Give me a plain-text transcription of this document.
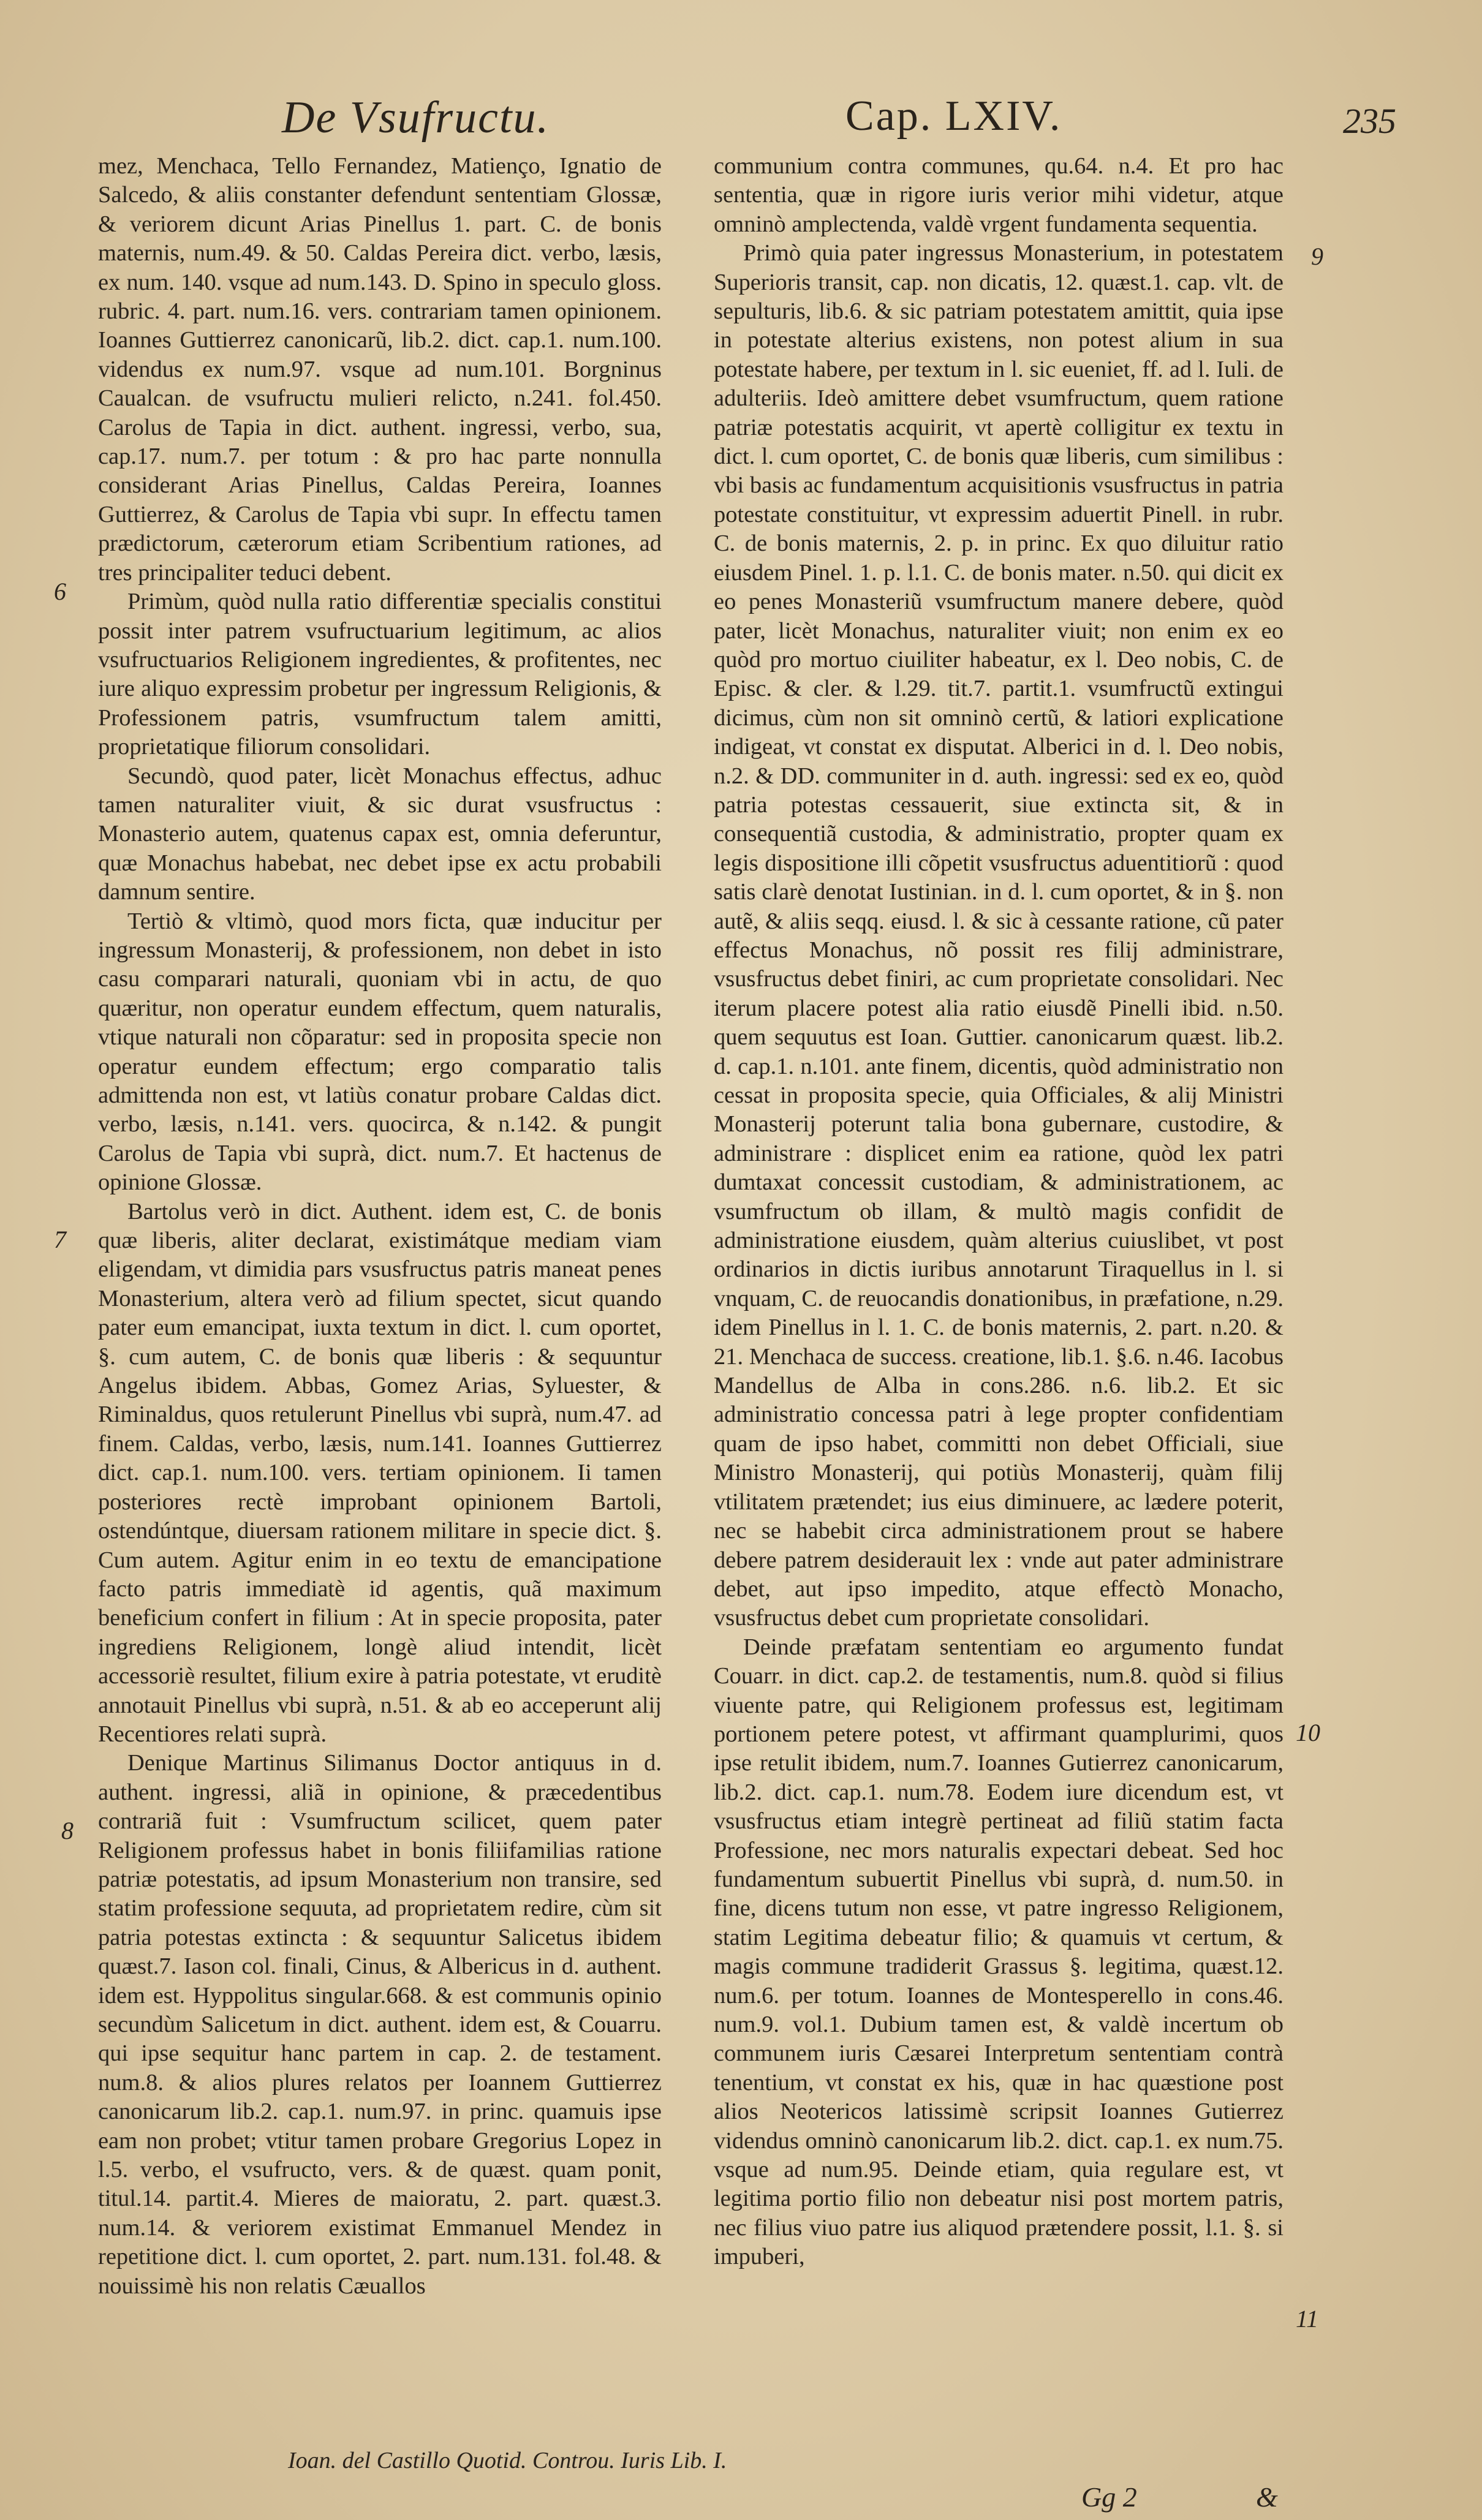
De Vsufructu.	Cap. LXIV.	235

mez, Menchaca, Tello Fernandez, Matienço, Ignatio de Salcedo, & aliis constanter defendunt sententiam Glossæ, & veriorem dicunt Arias Pinellus 1. part. C. de bonis maternis, num.49. & 50. Caldas Pereira dict. verbo, læsis, ex num. 140. vsque ad num.143. D. Spino in speculo gloss. rubric. 4. part. num.16. vers. contrariam tamen opinionem. Ioannes Guttierrez canonicarũ, lib.2. dict. cap.1. num.100. videndus ex num.97. vsque ad num.101. Borgninus Caualcan. de vsufructu mulieri relicto, n.241. fol.450. Carolus de Tapia in dict. authent. ingressi, verbo, sua, cap.17. num.7. per totum : & pro hac parte nonnulla considerant Arias Pinellus, Caldas Pereira, Ioannes Guttierrez, & Carolus de Tapia vbi supr. In effectu tamen prædictorum, cæterorum etiam Scribentium rationes, ad tres principaliter teduci debent.

Primùm, quòd nulla ratio differentiæ specialis constitui possit inter patrem vsufructuarium legitimum, ac alios vsufructuarios Religionem ingredientes, & profitentes, nec iure aliquo expressim probetur per ingressum Religionis, & Professionem patris, vsumfructum talem amitti, proprietatique filiorum consolidari.

Secundò, quod pater, licèt Monachus effectus, adhuc tamen naturaliter viuit, & sic durat vsusfructus : Monasterio autem, quatenus capax est, omnia deferuntur, quæ Monachus habebat, nec debet ipse ex actu probabili damnum sentire.

Tertiò & vltimò, quod mors ficta, quæ inducitur per ingressum Monasterij, & professionem, non debet in isto casu comparari naturali, quoniam vbi in actu, de quo quæritur, non operatur eundem effectum, quem naturalis, vtique naturali non cõparatur: sed in proposita specie non operatur eundem effectum; ergo comparatio talis admittenda non est, vt latiùs conatur probare Caldas dict. verbo, læsis, n.141. vers. quocirca, & n.142. & pungit Carolus de Tapia vbi suprà, dict. num.7. Et hactenus de opinione Glossæ.

Bartolus verò in dict. Authent. idem est, C. de bonis quæ liberis, aliter declarat, existimátque mediam viam eligendam, vt dimidia pars vsusfructus patris maneat penes Monasterium, altera verò ad filium spectet, sicut quando pater eum emancipat, iuxta textum in dict. l. cum oportet, §. cum autem, C. de bonis quæ liberis : & sequuntur Angelus ibidem. Abbas, Gomez Arias, Syluester, & Riminaldus, quos retulerunt Pinellus vbi suprà, num.47. ad finem. Caldas, verbo, læsis, num.141. Ioannes Guttierrez dict. cap.1. num.100. vers. tertiam opinionem. Ii tamen posteriores rectè improbant opinionem Bartoli, ostendúntque, diuersam rationem militare in specie dict. §. Cum autem. Agitur enim in eo textu de emancipatione facto patris immediatè id agentis, quã maximum beneficium confert in filium : At in specie proposita, pater ingrediens Religionem, longè aliud intendit, licèt accessoriè resultet, filium exire à patria potestate, vt eruditè annotauit Pinellus vbi suprà, n.51. & ab eo acceperunt alij Recentiores relati suprà.

Denique Martinus Silimanus Doctor antiquus in d. authent. ingressi, aliã in opinione, & præcedentibus contrariã fuit : Vsumfructum scilicet, quem pater Religionem professus habet in bonis filiifamilias ratione patriæ potestatis, ad ipsum Monasterium non transire, sed statim professione sequuta, ad proprietatem redire, cùm sit patria potestas extincta : & sequuntur Salicetus ibidem quæst.7. Iason col. finali, Cinus, & Albericus in d. authent. idem est. Hyppolitus singular.668. & est communis opinio secundùm Salicetum in dict. authent. idem est, & Couarru. qui ipse sequitur hanc partem in cap. 2. de testament. num.8. & alios plures relatos per Ioannem Guttierrez canonicarum lib.2. cap.1. num.97. in princ. quamuis ipse eam non probet; vtitur tamen probare Gregorius Lopez in l.5. verbo, el vsufructo, vers. & de quæst. quam ponit, titul.14. partit.4. Mieres de maioratu, 2. part. quæst.3. num.14. & veriorem existimat Emmanuel Mendez in repetitione dict. l. cum oportet, 2. part. num.131. fol.48. & nouissimè his non relatis Cæuallos

communium contra communes, qu.64. n.4. Et pro hac sententia, quæ in rigore iuris verior mihi videtur, atque omninò amplectenda, valdè vrgent fundamenta sequentia.

Primò quia pater ingressus Monasterium, in potestatem Superioris transit, cap. non dicatis, 12. quæst.1. cap. vlt. de sepulturis, lib.6. & sic patriam potestatem amittit, quia ipse in potestate alterius existens, non potest alium in sua potestate habere, per textum in l. sic eueniet, ff. ad l. Iuli. de adulteriis. Ideò amittere debet vsumfructum, quem ratione patriæ potestatis acquirit, vt apertè colligitur ex textu in dict. l. cum oportet, C. de bonis quæ liberis, cum similibus : vbi basis ac fundamentum acquisitionis vsusfructus in patria potestate constituitur, vt expressim aduertit Pinell. in rubr. C. de bonis maternis, 2. p. in princ. Ex quo diluitur ratio eiusdem Pinel. 1. p. l.1. C. de bonis mater. n.50. qui dicit ex eo penes Monasteriũ vsumfructum manere debere, quòd pater, licèt Monachus, naturaliter viuit; non enim ex eo quòd pro mortuo ciuiliter habeatur, ex l. Deo nobis, C. de Episc. & cler. & l.29. tit.7. partit.1. vsumfructũ extingui dicimus, cùm non sit omninò certũ, & latiori explicatione indigeat, vt constat ex disputat. Alberici in d. l. Deo nobis, n.2. & DD. communiter in d. auth. ingressi: sed ex eo, quòd patria potestas cessauerit, siue extincta sit, & in consequentiã custodia, & administratio, propter quam ex legis dispositione illi cõpetit vsusfructus aduentitiorũ : quod satis clarè denotat Iustinian. in d. l. cum oportet, & in §. non autẽ, & aliis seqq. eiusd. l. & sic à cessante ratione, cũ pater effectus Monachus, nõ possit res filij administrare, vsusfructus debet finiri, ac cum proprietate consolidari. Nec iterum placere potest alia ratio eiusdẽ Pinelli ibid. n.50. quem sequutus est Ioan. Guttier. canonicarum quæst. lib.2. d. cap.1. n.101. ante finem, dicentis, quòd administratio non cessat in proposita specie, quia Officiales, & alij Ministri Monasterij poterunt talia bona gubernare, custodire, & administrare : displicet enim ea ratione, quòd lex patri dumtaxat concessit custodiam, & administrationem, ac vsumfructum ob illam, & multò magis confidit de administratione eiusdem, quàm alterius cuiuslibet, vt post ordinarios in dictis iuribus annotarunt Tiraquellus in l. si vnquam, C. de reuocandis donationibus, in præfatione, n.29. idem Pinellus in l. 1. C. de bonis maternis, 2. part. n.20. & 21. Menchaca de success. creatione, lib.1. §.6. n.46. Iacobus Mandellus de Alba in cons.286. n.6. lib.2. Et sic administratio concessa patri à lege propter confidentiam quam de ipso habet, committi non debet Officiali, siue Ministro Monasterij, qui potiùs Monasterij, quàm filij vtilitatem prætendet; ius eius diminuere, ac lædere poterit, nec se habebit circa administrationem prout se habere debere patrem desiderauit lex : vnde aut pater administrare debet, aut ipso impedito, atque effectò Monacho, vsusfructus debet cum proprietate consolidari.

Deinde præfatam sententiam eo argumento fundat Couarr. in dict. cap.2. de testamentis, num.8. quòd si filius viuente patre, qui Religionem professus est, legitimam portionem petere potest, vt affirmant quamplurimi, quos ipse retulit ibidem, num.7. Ioannes Gutierrez canonicarum, lib.2. dict. cap.1. num.78. Eodem iure dicendum est, vt vsusfructus etiam integrè pertineat ad filiũ statim facta Professione, nec mors naturalis expectari debeat. Sed hoc fundamentum subuertit Pinellus vbi suprà, d. num.50. in fine, dicens tutum non esse, vt patre ingresso Religionem, statim Legitima debeatur filio; & quamuis vt certum, & magis commune tradiderit Grassus §. legitima, quæst.12. num.6. per totum. Ioannes de Montesperello in cons.46. num.9. vol.1. Dubium tamen est, & valdè incertum ob communem iuris Cæsarei Interpretum sententiam contrà tenentium, vt constat ex his, quæ in hac quæstione post alios Neotericos latissimè scripsit Ioannes Gutierrez videndus omninò canonicarum lib.2. dict. cap.1. ex num.75. vsque ad num.95. Deinde etiam, quia regulare est, vt legitima portio filio non debeatur nisi post mortem patris, nec filius viuo patre ius aliquod prætendere possit, l.1. §. si impuberi,

6
7
8
9
10
11
Ioan. del Castillo Quotid. Controu. Iuris Lib. I.
Gg 2	&
